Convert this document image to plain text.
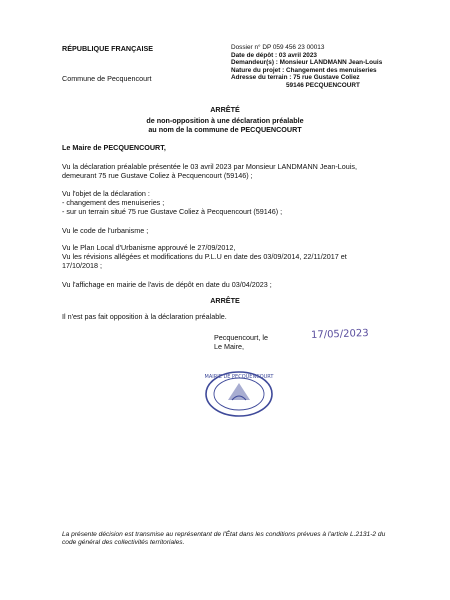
RÉPUBLIQUE FRANÇAISE
Commune de Pecquencourt
Dossier n° DP 059 456 23 00013
Date de dépôt : 03 avril 2023
Demandeur(s) : Monsieur LANDMANN Jean-Louis
Nature du projet : Changement des menuiseries
Adresse du terrain : 75 rue Gustave Coliez
59146 PECQUENCOURT
ARRÊTÉ
de non-opposition à une déclaration préalable
au nom de la commune de PECQUENCOURT
Le Maire de PECQUENCOURT,
Vu la déclaration préalable présentée le 03 avril 2023 par Monsieur LANDMANN Jean-Louis,
demeurant 75 rue Gustave Coliez à Pecquencourt (59146) ;
Vu l'objet de la déclaration :
- changement des menuiseries ;
- sur un terrain situé 75 rue Gustave Coliez à Pecquencourt (59146) ;
Vu le code de l'urbanisme ;
Vu le Plan Local d'Urbanisme approuvé le 27/09/2012,
Vu les révisions allégées et modifications du P.L.U en date des 03/09/2014, 22/11/2017 et
17/10/2018 ;
Vu l'affichage en mairie de l'avis de dépôt en date du 03/04/2023 ;
ARRÊTE
Il n'est pas fait opposition à la déclaration préalable.
Pecquencourt, le	17/05/2023
Le Maire,
MAIRIE DE PECQUENCOURT
La présente décision est transmise au représentant de l'État dans les conditions prévues à l'article L.2131-2 du
code général des collectivités territoriales.
